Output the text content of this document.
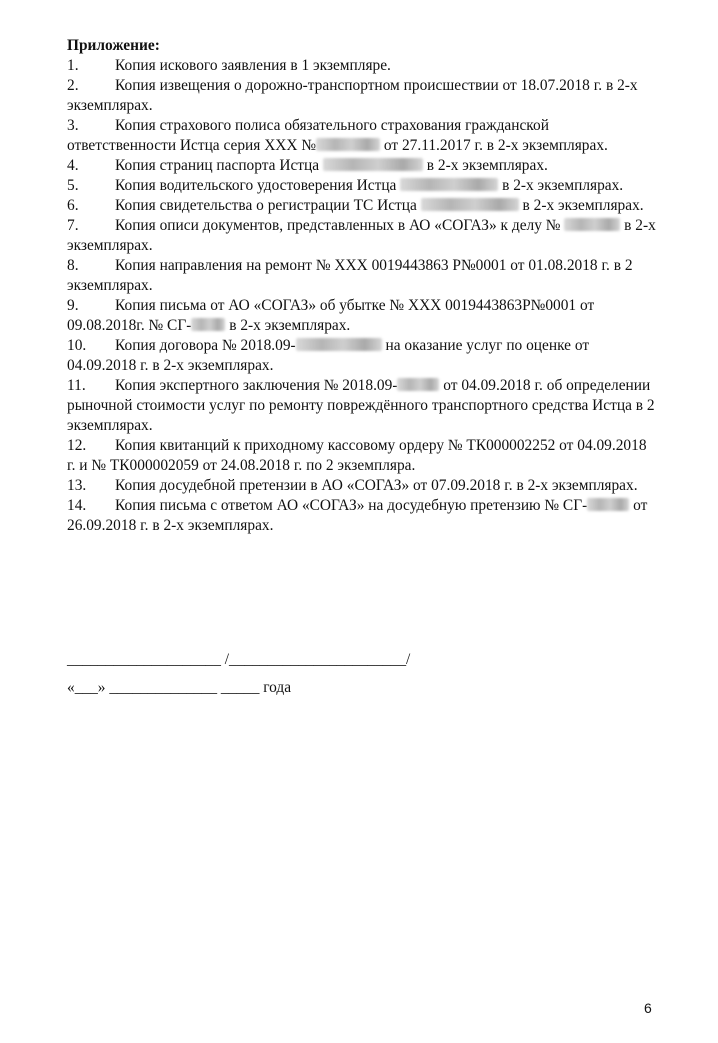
Приложение:

1. Копия искового заявления в 1 экземпляре.

2. Копия извещения о дорожно-транспортном происшествии от 18.07.2018 г. в 2-х экземплярах.

3. Копия страхового полиса обязательного страхования гражданской ответственности Истца серия ХХХ №	от 27.11.2017 г. в 2-х экземплярах.

4. Копия страниц паспорта Истца	в 2-х экземплярах.

5. Копия водительского удостоверения Истца	в 2-х экземплярах.

6. Копия свидетельства о регистрации ТС Истца	в 2-х экземплярах.

7. Копия описи документов, представленных в АО «СОГАЗ» к делу №	в 2-х экземплярах.

8. Копия направления на ремонт № ХХХ 0019443863 Р№0001 от 01.08.2018 г. в 2 экземплярах.

9. Копия письма от АО «СОГАЗ» об убытке № ХХХ 0019443863Р№0001 от 09.08.2018г. № СГ- в 2-х экземплярах.

10. Копия договора № 2018.09-	на оказание услуг по оценке от 04.09.2018 г. в 2-х экземплярах.

11. Копия экспертного заключения № 2018.09-	от 04.09.2018 г. об определении рыночной стоимости услуг по ремонту повреждённого транспортного средства Истца в 2 экземплярах.

12. Копия квитанций к приходному кассовому ордеру № ТК000002252 от 04.09.2018 г. и № ТК000002059 от 24.08.2018 г. по 2 экземпляра.

13. Копия досудебной претензии в АО «СОГАЗ» от 07.09.2018 г. в 2-х экземплярах.

14. Копия письма с ответом АО «СОГАЗ» на досудебную претензию № СГ-	от 26.09.2018 г. в 2-х экземплярах.

____________________ /_______________________/
«___» ______________ _____ года
6
